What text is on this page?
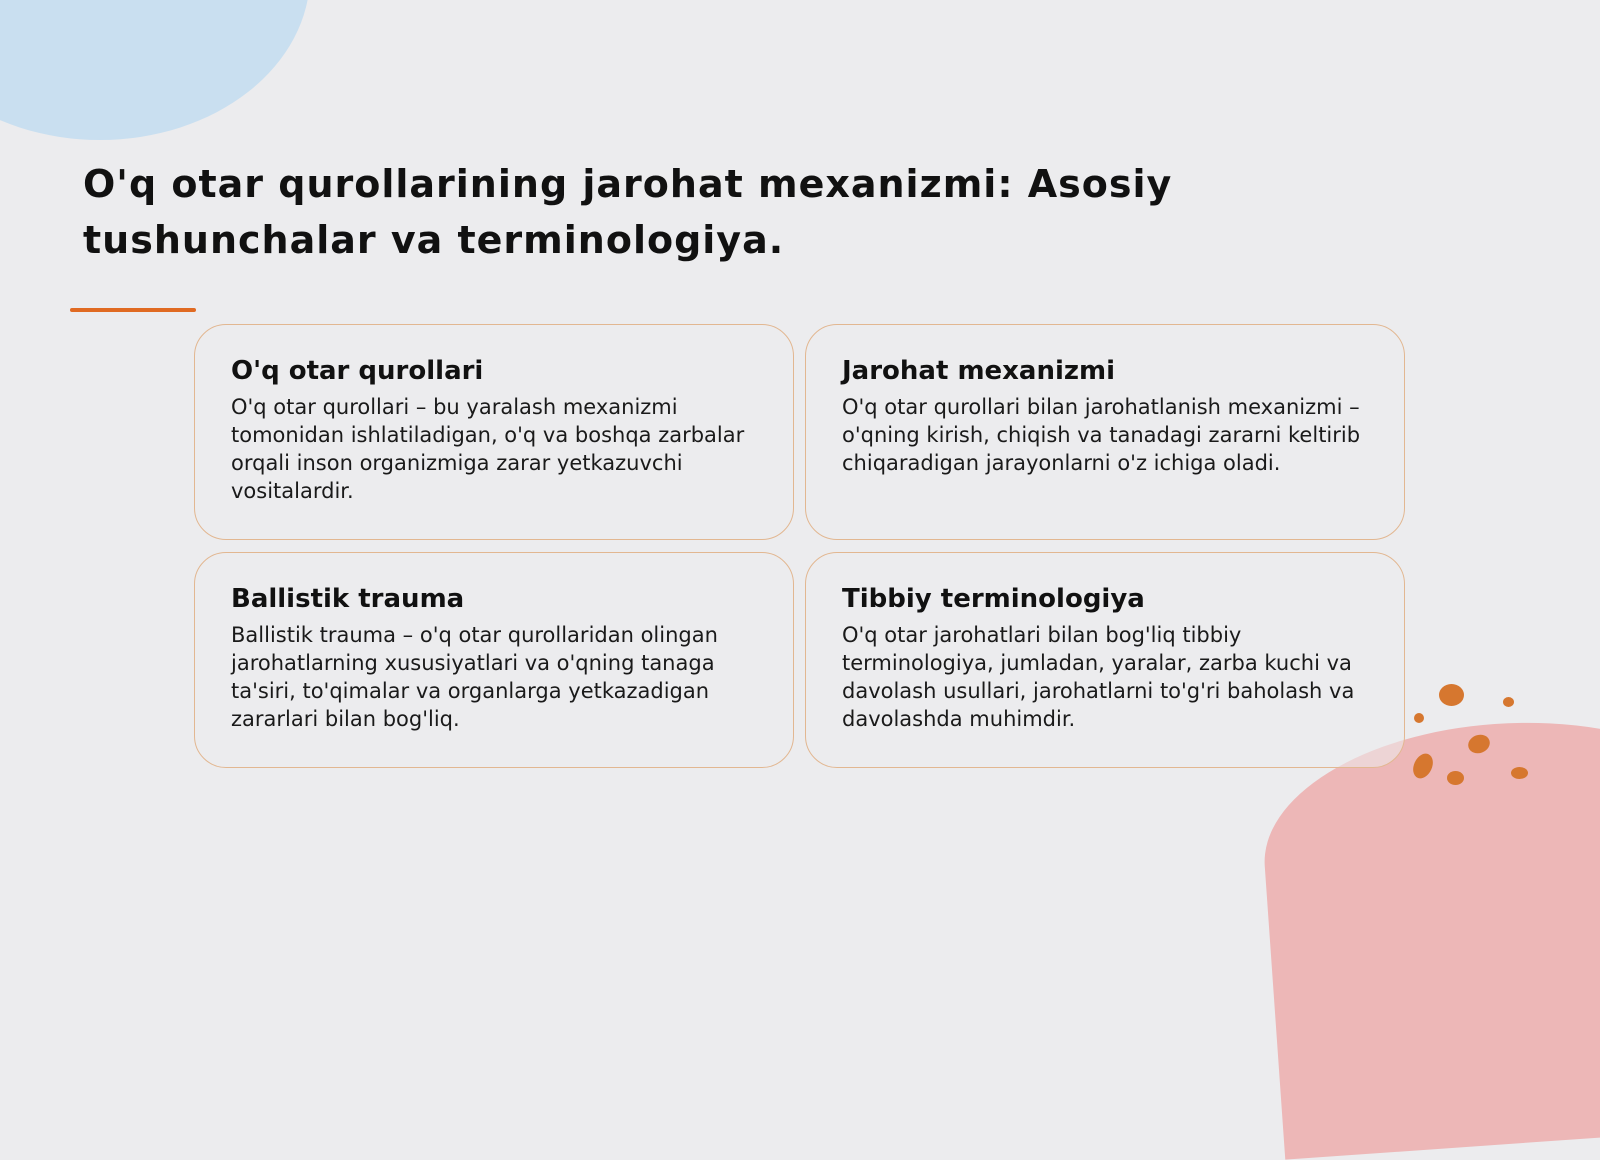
O'q otar qurollarining jarohat mexanizmi: Asosiy tushunchalar va terminologiya.
O'q otar qurollari

O'q otar qurollari – bu yaralash mexanizmi tomonidan ishlatiladigan, o'q va boshqa zarbalar orqali inson organizmiga zarar yetkazuvchi vositalardir.

Jarohat mexanizmi

O'q otar qurollari bilan jarohatlanish mexanizmi – o'qning kirish, chiqish va tanadagi zararni keltirib chiqaradigan jarayonlarni o'z ichiga oladi.

Ballistik trauma

Ballistik trauma – o'q otar qurollaridan olingan jarohatlarning xususiyatlari va o'qning tanaga ta'siri, to'qimalar va organlarga yetkazadigan zararlari bilan bog'liq.

Tibbiy terminologiya

O'q otar jarohatlari bilan bog'liq tibbiy terminologiya, jumladan, yaralar, zarba kuchi va davolash usullari, jarohatlarni to'g'ri baholash va davolashda muhimdir.
